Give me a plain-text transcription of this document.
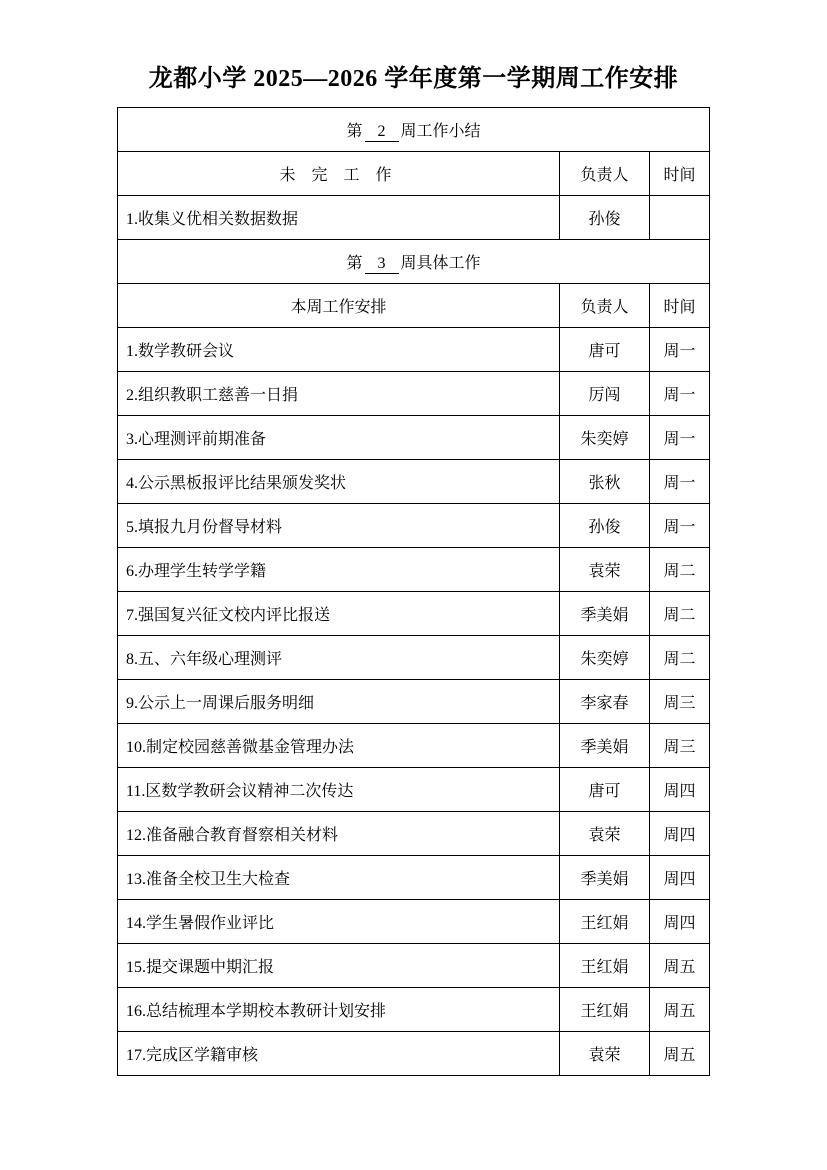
龙都小学 2025—2026 学年度第一学期周工作安排
第 2 周工作小结		
未 完 工 作	负责人	时间
1.收集义优相关数据数据	孙俊	
第 3 周具体工作		
本周工作安排	负责人	时间
1.数学教研会议	唐可	周一
2.组织教职工慈善一日捐	厉闯	周一
3.心理测评前期准备	朱奕婷	周一
4.公示黑板报评比结果颁发奖状	张秋	周一
5.填报九月份督导材料	孙俊	周一
6.办理学生转学学籍	袁荣	周二
7.强国复兴征文校内评比报送	季美娟	周二
8.五、六年级心理测评	朱奕婷	周二
9.公示上一周课后服务明细	李家春	周三
10.制定校园慈善微基金管理办法	季美娟	周三
11.区数学教研会议精神二次传达	唐可	周四
12.准备融合教育督察相关材料	袁荣	周四
13.准备全校卫生大检查	季美娟	周四
14.学生暑假作业评比	王红娟	周四
15.提交课题中期汇报	王红娟	周五
16.总结梳理本学期校本教研计划安排	王红娟	周五
17.完成区学籍审核	袁荣	周五
